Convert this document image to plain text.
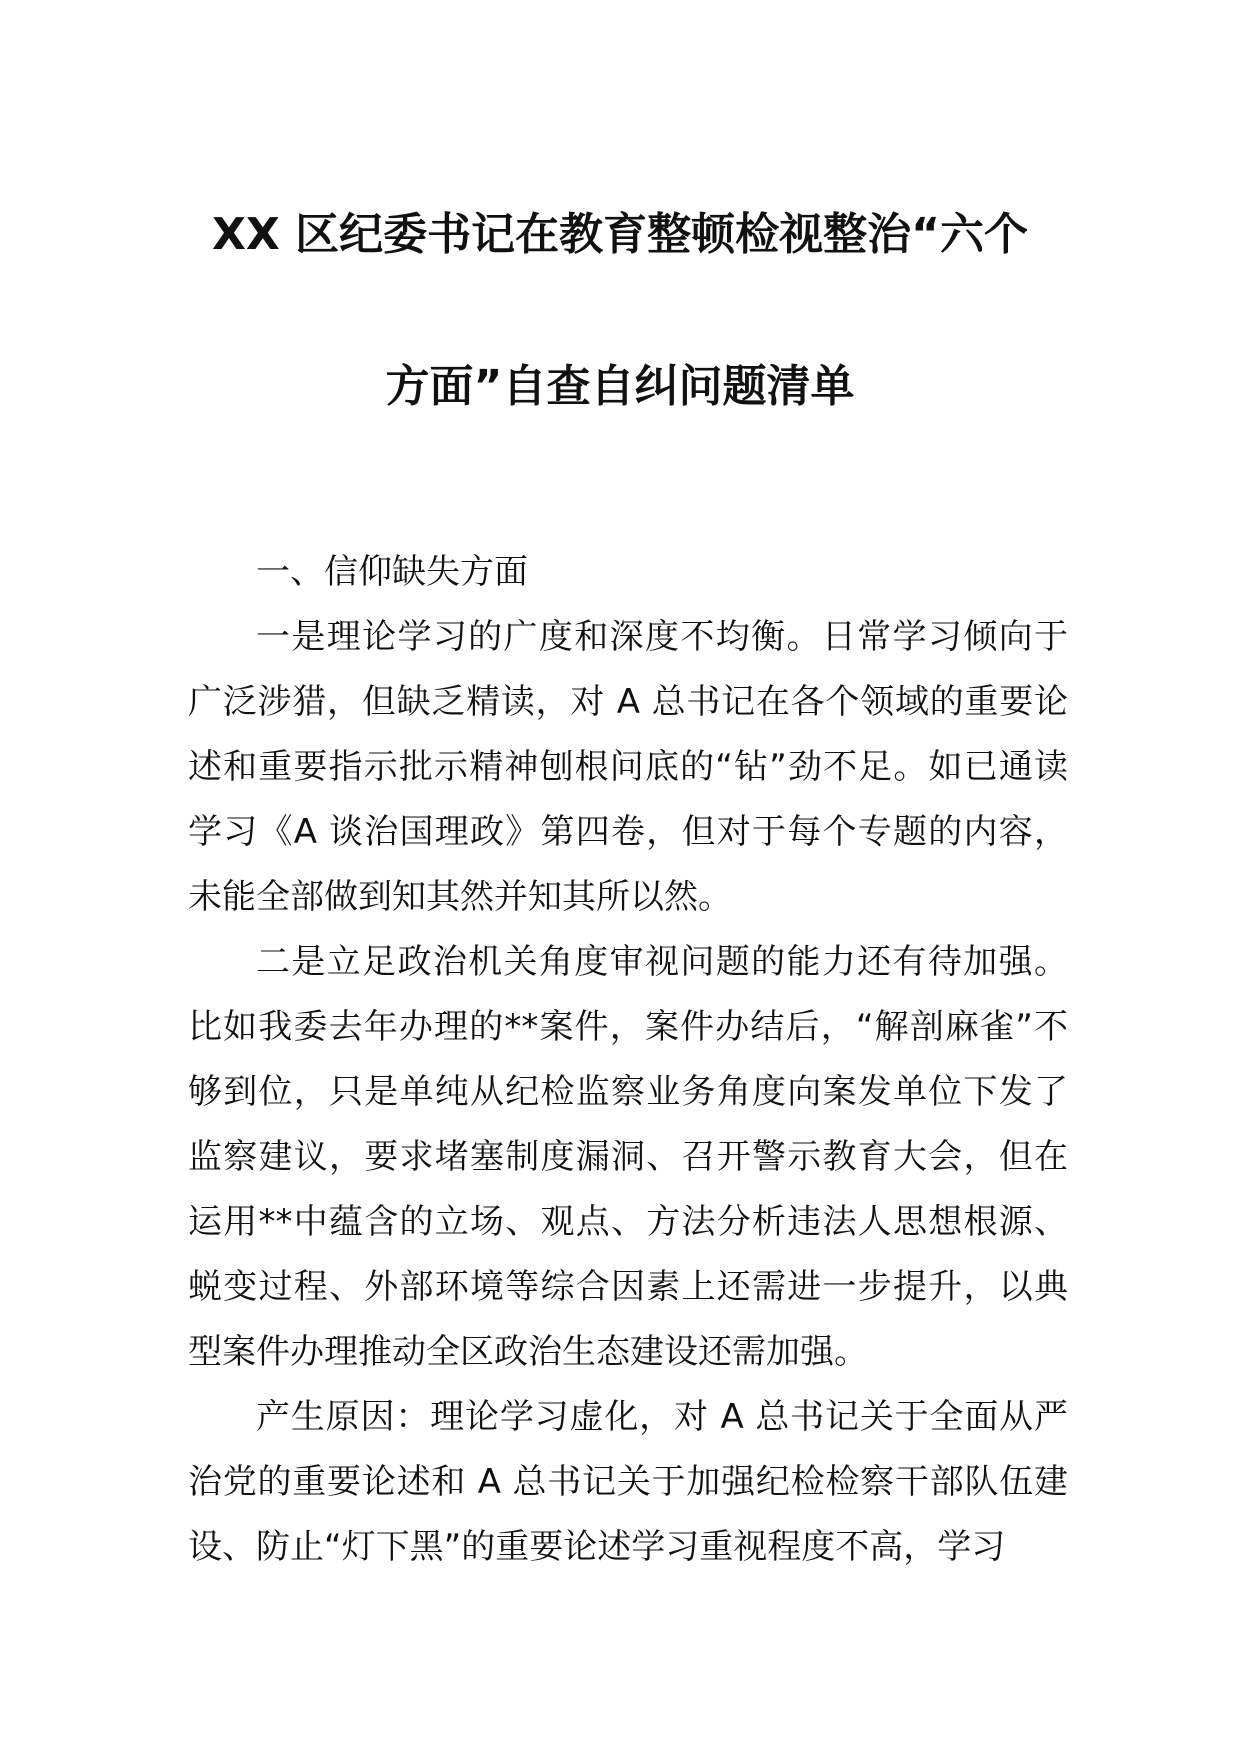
XX 区纪委书记在教育整顿检视整治“六个
方面”自查自纠问题清单
一、信仰缺失方面

一是理论学习的广度和深度不均衡。日常学习倾向于广泛涉猎，但缺乏精读，对 A 总书记在各个领域的重要论述和重要指示批示精神刨根问底的“钻”劲不足。如已通读学习《A 谈治国理政》第四卷，但对于每个专题的内容，未能全部做到知其然并知其所以然。

二是立足政治机关角度审视问题的能力还有待加强。比如我委去年办理的**案件，案件办结后，“解剖麻雀”不够到位，只是单纯从纪检监察业务角度向案发单位下发了监察建议，要求堵塞制度漏洞、召开警示教育大会，但在运用**中蕴含的立场、观点、方法分析违法人思想根源、蜕变过程、外部环境等综合因素上还需进一步提升，以典型案件办理推动全区政治生态建设还需加强。

产生原因：理论学习虚化，对 A 总书记关于全面从严治党的重要论述和 A 总书记关于加强纪检检察干部队伍建设、防止“灯下黑”的重要论述学习重视程度不高，学习
